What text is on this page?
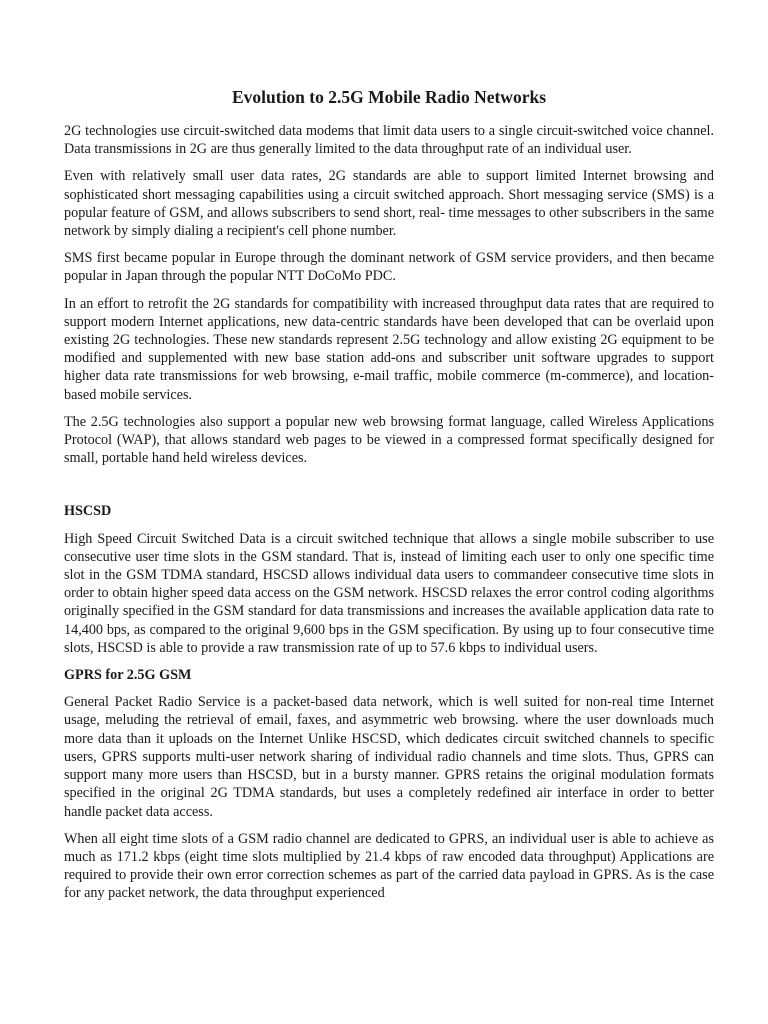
Evolution to 2.5G Mobile Radio Networks

2G technologies use circuit-switched data modems that limit data users to a single circuit-switched voice channel. Data transmissions in 2G are thus generally limited to the data throughput rate of an individual user.

Even with relatively small user data rates, 2G standards are able to support limited Internet browsing and sophisticated short messaging capabilities using a circuit switched approach. Short messaging service (SMS) is a popular feature of GSM, and allows subscribers to send short, real- time messages to other subscribers in the same network by simply dialing a recipient's cell phone number.

SMS first became popular in Europe through the dominant network of GSM service providers, and then became popular in Japan through the popular NTT DoCoMo PDC.

In an effort to retrofit the 2G standards for compatibility with increased throughput data rates that are required to support modern Internet applications, new data-centric standards have been developed that can be overlaid upon existing 2G technologies. These new standards represent 2.5G technology and allow existing 2G equipment to be modified and supplemented with new base station add-ons and subscriber unit software upgrades to support higher data rate transmissions for web browsing, e-mail traffic, mobile commerce (m-commerce), and location-based mobile services.

The 2.5G technologies also support a popular new web browsing format language, called Wireless Applications Protocol (WAP), that allows standard web pages to be viewed in a compressed format specifically designed for small, portable hand held wireless devices.

HSCSD

High Speed Circuit Switched Data is a circuit switched technique that allows a single mobile subscriber to use consecutive user time slots in the GSM standard. That is, instead of limiting each user to only one specific time slot in the GSM TDMA standard, HSCSD allows individual data users to commandeer consecutive time slots in order to obtain higher speed data access on the GSM network. HSCSD relaxes the error control coding algorithms originally specified in the GSM standard for data transmissions and increases the available application data rate to 14,400 bps, as compared to the original 9,600 bps in the GSM specification. By using up to four consecutive time slots, HSCSD is able to provide a raw transmission rate of up to 57.6 kbps to individual users.

GPRS for 2.5G GSM

General Packet Radio Service is a packet-based data network, which is well suited for non-real time Internet usage, meluding the retrieval of email, faxes, and asymmetric web browsing. where the user downloads much more data than it uploads on the Internet Unlike HSCSD, which dedicates circuit switched channels to specific users, GPRS supports multi-user network sharing of individual radio channels and time slots. Thus, GPRS can support many more users than HSCSD, but in a bursty manner. GPRS retains the original modulation formats specified in the original 2G TDMA standards, but uses a completely redefined air interface in order to better handle packet data access.

When all eight time slots of a GSM radio channel are dedicated to GPRS, an individual user is able to achieve as much as 171.2 kbps (eight time slots multiplied by 21.4 kbps of raw encoded data throughput) Applications are required to provide their own error correction schemes as part of the carried data payload in GPRS. As is the case for any packet network, the data throughput experienced
